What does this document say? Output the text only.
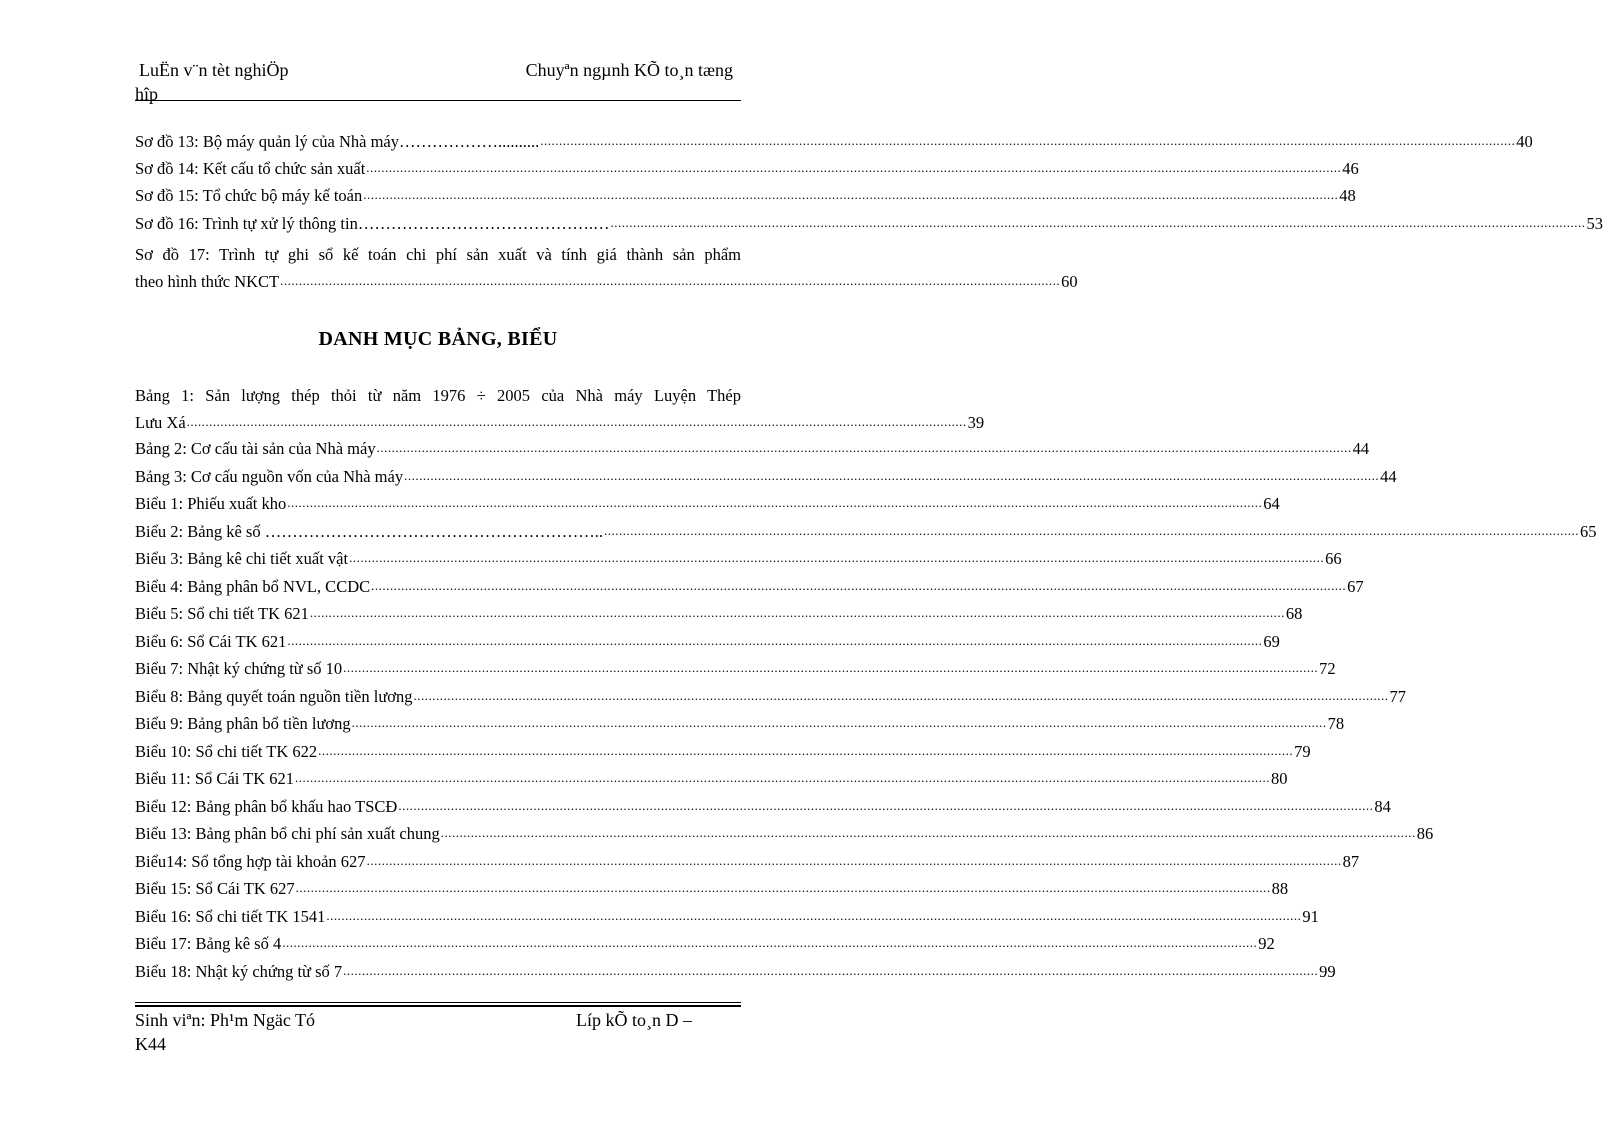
LuËn v¨n tèt nghiÖp
hîp
Chuyªn ngµnh KÕ to¸n tæng
Sơ đồ 13: Bộ máy quản lý của Nhà máy……………….......... .................................................................................................................................................................................................................................................................... 40
Sơ đồ 14: Kết cấu tổ chức sản xuất .................................................................................................................................................................................................................................................................... 46
Sơ đồ 15: Tổ chức bộ máy kế toán .................................................................................................................................................................................................................................................................... 48
Sơ đồ 16: Trình tự xử lý thông tin…………………………………….… .................................................................................................................................................................................................................................................................... 53
Sơ đồ 17: Trình tự ghi sổ kế toán chi phí sản xuất và tính giá thành sản phẩm
theo hình thức NKCT ................................................................................................................................................................................................................ 60
DANH MỤC BẢNG, BIỂU
Bảng 1: Sản lượng thép thỏi từ năm 1976 ÷ 2005 của Nhà máy Luyện Thép
Lưu Xá ................................................................................................................................................................................................................ 39
Bảng 2: Cơ cấu tài sản của Nhà máy .................................................................................................................................................................................................................................................................... 44
Bảng 3: Cơ cấu nguồn vốn của Nhà máy .................................................................................................................................................................................................................................................................... 44
Biểu 1: Phiếu xuất kho .................................................................................................................................................................................................................................................................... 64
Biểu 2: Bảng kê số …………………………………………………….. .................................................................................................................................................................................................................................................................... 65
Biểu 3: Bảng kê chi tiết xuất vật .................................................................................................................................................................................................................................................................... 66
Biểu 4: Bảng phân bổ NVL, CCDC .................................................................................................................................................................................................................................................................... 67
Biểu 5: Sổ chi tiết TK 621 .................................................................................................................................................................................................................................................................... 68
Biểu 6: Sổ Cái TK 621 .................................................................................................................................................................................................................................................................... 69
Biểu 7: Nhật ký chứng từ số 10 .................................................................................................................................................................................................................................................................... 72
Biểu 8: Bảng quyết toán nguồn tiền lương .................................................................................................................................................................................................................................................................... 77
Biểu 9: Bảng phân bổ tiền lương .................................................................................................................................................................................................................................................................... 78
Biểu 10: Sổ chi tiết TK 622 .................................................................................................................................................................................................................................................................... 79
Biểu 11: Sổ Cái TK 621 .................................................................................................................................................................................................................................................................... 80
Biểu 12: Bảng phân bổ khấu hao TSCĐ .................................................................................................................................................................................................................................................................... 84
Biểu 13: Bảng phân bổ chi phí sản xuất chung .................................................................................................................................................................................................................................................................... 86
Biểu14: Sổ tổng hợp tài khoản 627 .................................................................................................................................................................................................................................................................... 87
Biểu 15: Sổ Cái TK 627 .................................................................................................................................................................................................................................................................... 88
Biểu 16: Sổ chi tiết TK 1541 .................................................................................................................................................................................................................................................................... 91
Biểu 17: Bảng kê số 4 .................................................................................................................................................................................................................................................................... 92
Biểu 18: Nhật ký chứng từ số 7 .................................................................................................................................................................................................................................................................... 99
Sinh viªn: Ph¹m Ngäc Tó
K44
Líp kÕ to¸n D –
